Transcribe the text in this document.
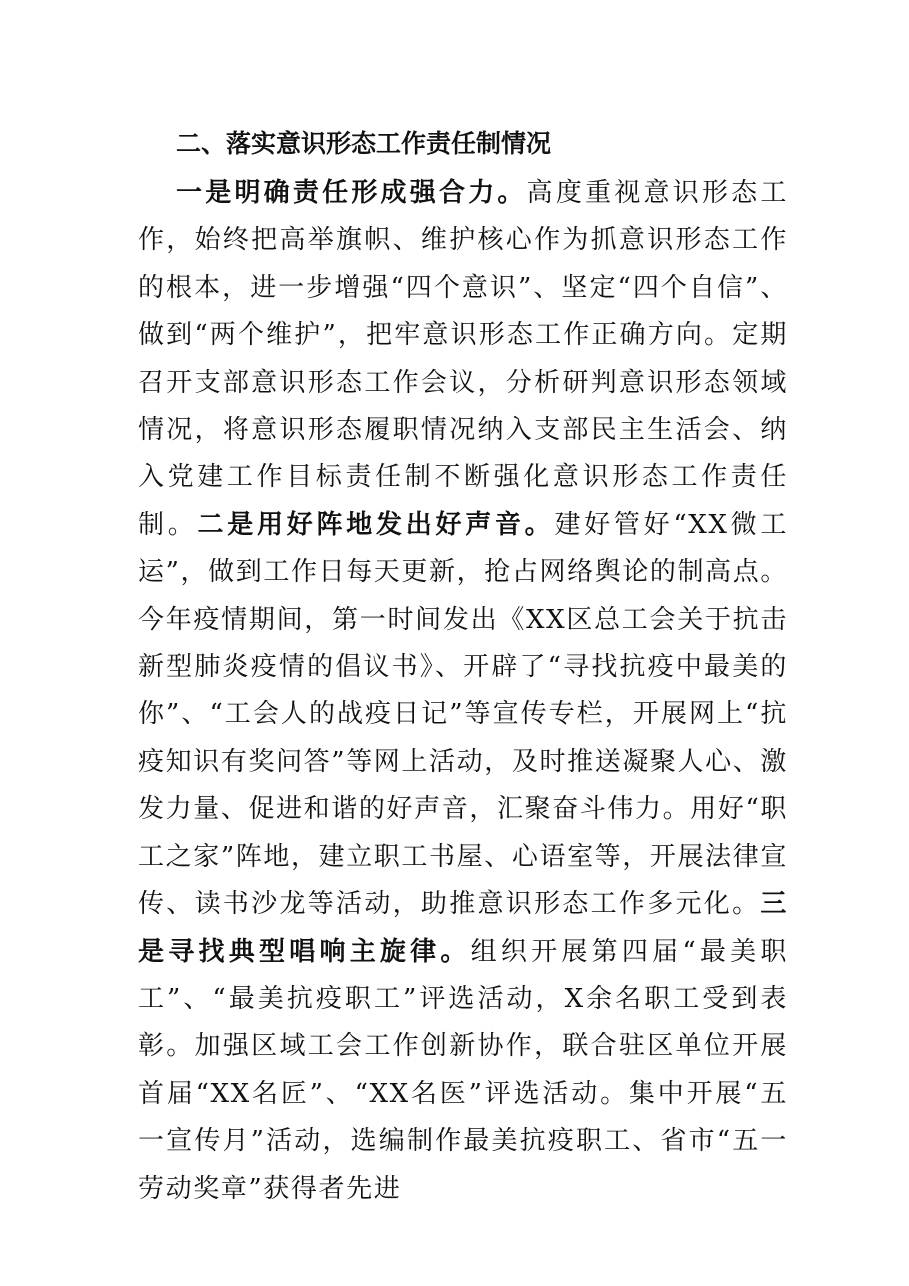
二、落实意识形态工作责任制情况

一是明确责任形成强合力。高度重视意识形态工作，始终把高举旗帜、维护核心作为抓意识形态工作的根本，进一步增强“四个意识”、坚定“四个自信”、做到“两个维护”，把牢意识形态工作正确方向。定期召开支部意识形态工作会议，分析研判意识形态领域情况，将意识形态履职情况纳入支部民主生活会、纳入党建工作目标责任制不断强化意识形态工作责任制。二是用好阵地发出好声音。建好管好“XX微工运”，做到工作日每天更新，抢占网络舆论的制高点。今年疫情期间，第一时间发出《XX区总工会关于抗击新型肺炎疫情的倡议书》、开辟了“寻找抗疫中最美的你”、“工会人的战疫日记”等宣传专栏，开展网上“抗疫知识有奖问答”等网上活动，及时推送凝聚人心、激发力量、促进和谐的好声音，汇聚奋斗伟力。用好“职工之家”阵地，建立职工书屋、心语室等，开展法律宣传、读书沙龙等活动，助推意识形态工作多元化。三是寻找典型唱响主旋律。组织开展第四届“最美职工”、“最美抗疫职工”评选活动，X余名职工受到表彰。加强区域工会工作创新协作，联合驻区单位开展首届“XX名匠”、“XX名医”评选活动。集中开展“五一宣传月”活动，选编制作最美抗疫职工、省市“五一劳动奖章”获得者先进
